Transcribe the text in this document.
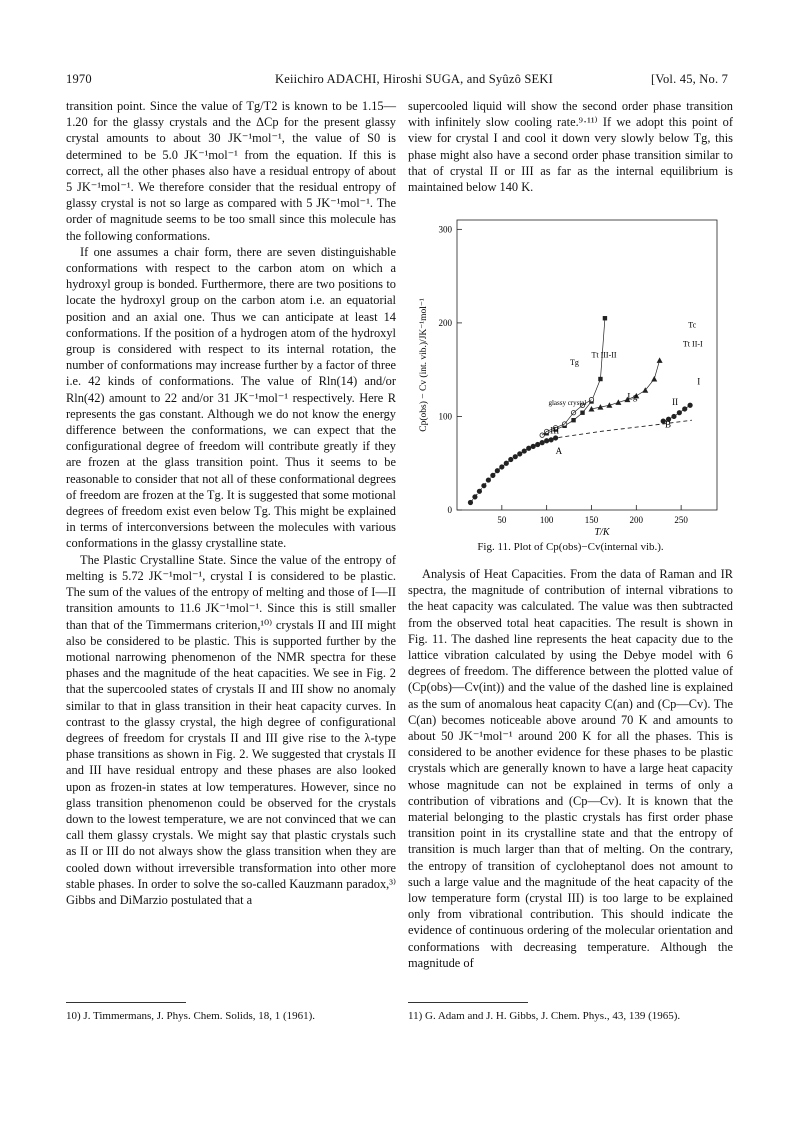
1970	Keiichiro ADACHI, Hiroshi SUGA, and Syûzô SEKI	[Vol. 45, No. 7

transition point. Since the value of Tg/T2 is known to be 1.15—1.20 for the glassy crystals and the ΔCp for the present glassy crystal amounts to about 30 JK⁻¹mol⁻¹, the value of S0 is determined to be 5.0 JK⁻¹mol⁻¹ from the equation. If this is correct, all the other phases also have a residual entropy of about 5 JK⁻¹mol⁻¹. We therefore consider that the residual entropy of glassy crystal is not so large as compared with 5 JK⁻¹mol⁻¹. The order of magnitude seems to be too small since this molecule has the following conformations.

If one assumes a chair form, there are seven distinguishable conformations with respect to the carbon atom on which a hydroxyl group is bonded. Furthermore, there are two positions to locate the hydroxyl group on the carbon atom i.e. an equatorial position and an axial one. Thus we can anticipate at least 14 conformations. If the position of a hydrogen atom of the hydroxyl group is considered with respect to its internal rotation, the number of conformations may increase further by a factor of three i.e. 42 kinds of conformations. The value of Rln(14) and/or Rln(42) amount to 22 and/or 31 JK⁻¹mol⁻¹ respectively. Here R represents the gas constant. Although we do not know the energy difference between the conformations, we can expect that the configurational degree of freedom will contribute greatly if they are frozen at the glass transition point. Thus it seems to be reasonable to consider that not all of these conformational degrees of freedom are frozen at the Tg. It is suggested that some motional degrees of freedom exist even below Tg. This might be explained in terms of interconversions between the molecules with various conformations in the glassy crystalline state.

The Plastic Crystalline State. Since the value of the entropy of melting is 5.72 JK⁻¹mol⁻¹, crystal I is considered to be plastic. The sum of the values of the entropy of melting and those of I—II transition amounts to 11.6 JK⁻¹mol⁻¹. Since this is still smaller than that of the Timmermans criterion,¹⁰⁾ crystals II and III might also be considered to be plastic. This is supported further by the motional narrowing phenomenon of the NMR spectra for these phases and the magnitude of the heat capacities. We see in Fig. 2 that the supercooled states of crystals II and III show no anomaly similar to that in glass transition in their heat capacity curves. In contrast to the glassy crystal, the high degree of configurational degrees of freedom for crystals II and III give rise to the λ-type phase transitions as shown in Fig. 2. We suggested that crystals II and III have residual entropy and these phases are also looked upon as frozen-in states at low temperatures. However, since no glass transition phenomenon could be observed for the crystals down to the lowest temperature, we are not convinced that we can call them glassy crystals. We might say that plastic crystals such as II or III do not always show the glass transition when they are cooled down without irreversible transformation into other more stable phases. In order to solve the so-called Kauzmann paradox,³⁾ Gibbs and DiMarzio postulated that a

supercooled liquid will show the second order phase transition with infinitely slow cooling rate.⁹·¹¹⁾ If we adopt this point of view for crystal I and cool it down very slowly below Tg, this phase might also have a second order phase transition similar to that of crystal II or III as far as the internal equilibrium is maintained below 140 K.

50	100	150	200	250
0
100
200
300
T/K
Cp(obs) − Cv (int. vib.)/JK⁻¹mol⁻¹	glassy crystal
Tg
Tt III-II
Tt II-I
Tc
I
II
III
A
B
Lg
Fig. 11. Plot of Cp(obs)−Cv(internal vib.).

Analysis of Heat Capacities. From the data of Raman and IR spectra, the magnitude of contribution of internal vibrations to the heat capacity was calculated. The value was then subtracted from the observed total heat capacities. The result is shown in Fig. 11. The dashed line represents the heat capacity due to the lattice vibration calculated by using the Debye model with 6 degrees of freedom. The difference between the plotted value of (Cp(obs)—Cv(int)) and the value of the dashed line is explained as the sum of anomalous heat capacity C(an) and (Cp—Cv). The C(an) becomes noticeable above around 70 K and amounts to about 50 JK⁻¹mol⁻¹ around 200 K for all the phases. This is considered to be another evidence for these phases to be plastic crystals which are generally known to have a large heat capacity whose magnitude can not be explained in terms of only a contribution of vibrations and (Cp—Cv). It is known that the material belonging to the plastic crystals has first order phase transition point in its crystalline state and that the entropy of transition is much larger than that of melting. On the contrary, the entropy of transition of cycloheptanol does not amount to such a large value and the magnitude of the heat capacity of the low temperature form (crystal III) is too large to be explained only from vibrational contribution. This should indicate the evidence of continuous ordering of the molecular orientation and conformations with decreasing temperature. Although the magnitude of

10) J. Timmermans, J. Phys. Chem. Solids, 18, 1 (1961).	11) G. Adam and J. H. Gibbs, J. Chem. Phys., 43, 139 (1965).
